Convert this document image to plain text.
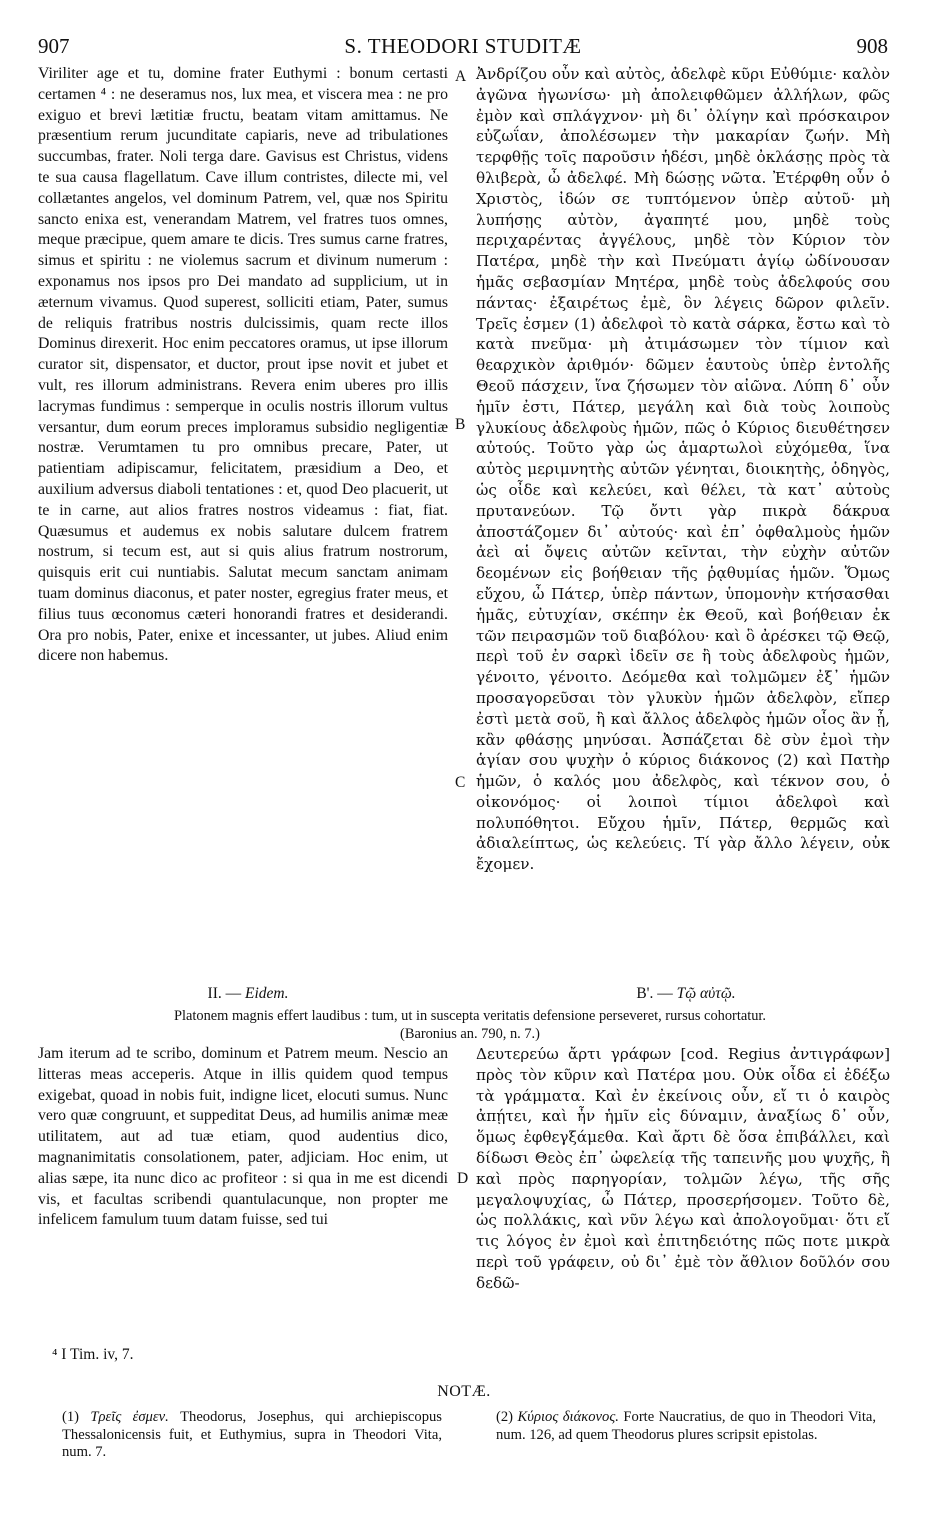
907	S. THEODORI STUDITÆ	908

Viriliter age et tu, domine frater Euthymi : bonum certasti certamen ⁴ : ne deseramus nos, lux mea, et viscera mea : ne pro exiguo et brevi lætitiæ fructu, beatam vitam amittamus. Ne præsentium rerum jucunditate capiaris, neve ad tribulationes succumbas, frater. Noli terga dare. Gavisus est Christus, videns te sua causa flagellatum. Cave illum contristes, dilecte mi, vel collætantes angelos, vel dominum Patrem, vel, quæ nos Spiritu sancto enixa est, venerandam Matrem, vel fratres tuos omnes, meque præcipue, quem amare te dicis. Tres sumus carne fratres, simus et spiritu : ne violemus sacrum et divinum numerum : exponamus nos ipsos pro Dei mandato ad supplicium, ut in æternum vivamus. Quod superest, solliciti etiam, Pater, sumus de reliquis fratribus nostris dulcissimis, quam recte illos Dominus direxerit. Hoc enim peccatores oramus, ut ipse illorum curator sit, dispensator, et ductor, prout ipse novit et jubet et vult, res illorum administrans. Revera enim uberes pro illis lacrymas fundimus : semperque in oculis nostris illorum vultus versantur, dum eorum preces imploramus subsidio negligentiæ nostræ. Verumtamen tu pro omnibus precare, Pater, ut patientiam adipiscamur, felicitatem, præsidium a Deo, et auxilium adversus diaboli tentationes : et, quod Deo placuerit, ut te in carne, aut alios fratres nostros videamus : fiat, fiat. Quæsumus et audemus ex nobis salutare dulcem fratrem nostrum, si tecum est, aut si quis alius fratrum nostrorum, quisquis erit cui nuntiabis. Salutat mecum sanctam animam tuam dominus diaconus, et pater noster, egregius frater meus, et filius tuus œconomus cæteri honorandi fratres et desiderandi. Ora pro nobis, Pater, enixe et incessanter, ut jubes. Aliud enim dicere non habemus.

Ἀνδρίζου οὖν καὶ αὐτὸς, ἀδελφὲ κῦρι Εὐθύμιε· καλὸν ἀγῶνα ἠγωνίσω· μὴ ἀπολειφθῶμεν ἀλλήλων, φῶς ἐμὸν καὶ σπλάγχνον· μὴ δι᾽ ὀλίγην καὶ πρόσκαιρον εὐζωΐαν, ἀπολέσωμεν τὴν μακαρίαν ζωήν. Μὴ τερφθῇς τοῖς παροῦσιν ἡδέσι, μηδὲ ὀκλάσῃς πρὸς τὰ θλιβερὰ, ὦ ἀδελφέ. Μὴ δώσῃς νῶτα. Ἐτέρφθη οὖν ὁ Χριστὸς, ἰδών σε τυπτόμενον ὑπὲρ αὐτοῦ· μὴ λυπήσῃς αὐτὸν, ἀγαπητέ μου, μηδὲ τοὺς περιχαρέντας ἀγγέλους, μηδὲ τὸν Κύριον τὸν Πατέρα, μηδὲ τὴν καὶ Πνεύματι ἁγίῳ ὠδίνουσαν ἡμᾶς σεβασμίαν Μητέρα, μηδὲ τοὺς ἀδελφούς σου πάντας· ἐξαιρέτως ἐμὲ, ὃν λέγεις δῶρον φιλεῖν. Τρεῖς ἐσμεν (1) ἀδελφοὶ τὸ κατὰ σάρκα, ἔστω καὶ τὸ κατὰ πνεῦμα· μὴ ἀτιμάσωμεν τὸν τίμιον καὶ θεαρχικὸν ἀριθμόν· δῶμεν ἑαυτοὺς ὑπὲρ ἐντολῆς Θεοῦ πάσχειν, ἵνα ζήσωμεν τὸν αἰῶνα. Λύπη δ᾽ οὖν ἡμῖν ἐστι, Πάτερ, μεγάλη καὶ διὰ τοὺς λοιποὺς γλυκίους ἀδελφοὺς ἡμῶν, πῶς ὁ Κύριος διευθέτησεν αὐτούς. Τοῦτο γὰρ ὡς ἁμαρτωλοὶ εὐχόμεθα, ἵνα αὐτὸς μεριμνητὴς αὐτῶν γένηται, διοικητὴς, ὁδηγὸς, ὡς οἶδε καὶ κελεύει, καὶ θέλει, τὰ κατ᾽ αὐτοὺς πρυτανεύων. Τῷ ὄντι γὰρ πικρὰ δάκρυα ἀποστάζομεν δι᾽ αὐτούς· καὶ ἐπ᾽ ὀφθαλμοὺς ἡμῶν ἀεὶ αἱ ὄψεις αὐτῶν κεῖνται, τὴν εὐχὴν αὐτῶν δεομένων εἰς βοήθειαν τῆς ῥᾳθυμίας ἡμῶν. Ὅμως εὔχου, ὦ Πάτερ, ὑπὲρ πάντων, ὑπομονὴν κτήσασθαι ἡμᾶς, εὐτυχίαν, σκέπην ἐκ Θεοῦ, καὶ βοήθειαν ἐκ τῶν πειρασμῶν τοῦ διαβόλου· καὶ ὃ ἀρέσκει τῷ Θεῷ, περὶ τοῦ ἐν σαρκὶ ἰδεῖν σε ἢ τοὺς ἀδελφοὺς ἡμῶν, γένοιτο, γένοιτο. Δεόμεθα καὶ τολμῶμεν ἐξ᾽ ἡμῶν προσαγορεῦσαι τὸν γλυκὺν ἡμῶν ἀδελφὸν, εἴπερ ἐστὶ μετὰ σοῦ, ἢ καὶ ἄλλος ἀδελφὸς ἡμῶν οἷος ἂν ᾖ, κἂν φθάσῃς μηνύσαι. Ἀσπάζεται δὲ σὺν ἐμοὶ τὴν ἁγίαν σου ψυχὴν ὁ κύριος διάκονος (2) καὶ Πατὴρ ἡμῶν, ὁ καλός μου ἀδελφὸς, καὶ τέκνον σου, ὁ οἰκονόμος· οἱ λοιποὶ τίμιοι ἀδελφοὶ καὶ πολυπόθητοι. Εὔχου ἡμῖν, Πάτερ, θερμῶς καὶ ἀδιαλείπτως, ὡς κελεύεις. Τί γὰρ ἄλλο λέγειν, οὐκ ἔχομεν.

A
B
C
D
II. — Eidem.	Β'. — Τῷ αὐτῷ.
Platonem magnis effert laudibus : tum, ut in suscepta veritatis defensione perseveret, rursus cohortatur.
(Baronius an. 790, n. 7.)

Jam iterum ad te scribo, dominum et Patrem meum. Nescio an litteras meas acceperis. Atque in illis quidem quod tempus exigebat, quoad in nobis fuit, indigne licet, elocuti sumus. Nunc vero quæ congruunt, et suppeditat Deus, ad humilis animæ meæ utilitatem, aut ad tuæ etiam, quod audentius dico, magnanimitatis consolationem, pater, adjiciam. Hoc enim, ut alias sæpe, ita nunc dico ac profiteor : si qua in me est dicendi vis, et facultas scribendi quantulacunque, non propter me infelicem famulum tuum datam fuisse, sed tui

Δευτερεύω ἄρτι γράφων [cod. Regius ἀντιγράφων] πρὸς τὸν κῦριν καὶ Πατέρα μου. Οὐκ οἶδα εἰ ἐδέξω τὰ γράμματα. Καὶ ἐν ἐκείνοις οὖν, εἴ τι ὁ καιρὸς ἀπῄτει, καὶ ἦν ἡμῖν εἰς δύναμιν, ἀναξίως δ᾽ οὖν, ὅμως ἐφθεγξάμεθα. Καὶ ἄρτι δὲ ὅσα ἐπιβάλλει, καὶ δίδωσι Θεὸς ἐπ᾽ ὠφελείᾳ τῆς ταπεινῆς μου ψυχῆς, ἢ καὶ πρὸς παρηγορίαν, τολμῶν λέγω, τῆς σῆς μεγαλοψυχίας, ὦ Πάτερ, προσερήσομεν. Τοῦτο δὲ, ὡς πολλάκις, καὶ νῦν λέγω καὶ ἀπολογοῦμαι· ὅτι εἴ τις λόγος ἐν ἐμοὶ καὶ ἐπιτηδειότης πῶς ποτε μικρὰ περὶ τοῦ γράφειν, οὐ δι᾽ ἐμὲ τὸν ἄθλιον δοῦλόν σου δεδῶ-

⁴ I Tim. iv, 7.
NOTÆ.

(1) Τρεῖς ἐσμεν. Theodorus, Josephus, qui archiepiscopus Thessalonicensis fuit, et Euthymius, supra in Theodori Vita, num. 7.

(2) Κύριος διάκονος. Forte Naucratius, de quo in Theodori Vita, num. 126, ad quem Theodorus plures scripsit epistolas.
